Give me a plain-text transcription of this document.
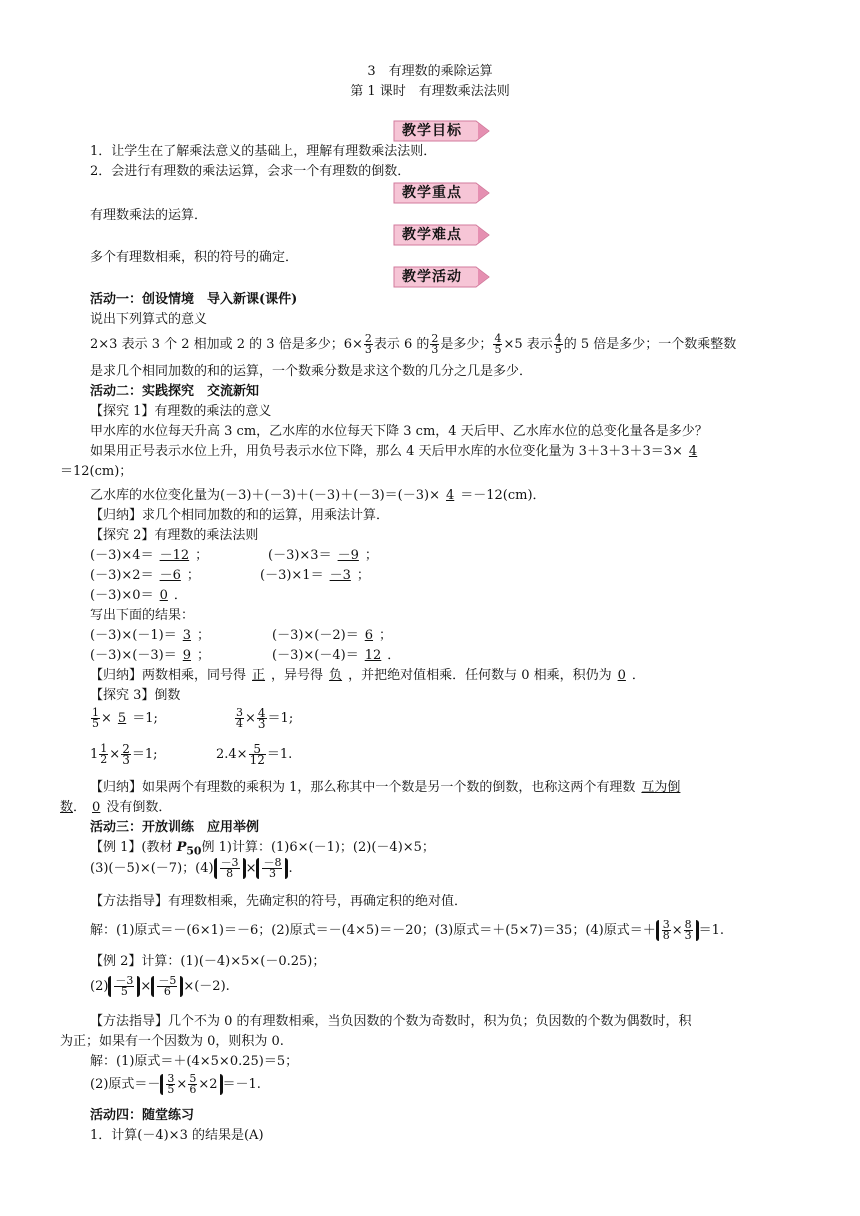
3　有理数的乘除运算
第 1 课时　有理数乘法法则
教学目标
1．让学生在了解乘法意义的基础上，理解有理数乘法法则．
2．会进行有理数的乘法运算，会求一个有理数的倒数．
教学重点
有理数乘法的运算．
教学难点
多个有理数相乘，积的符号的确定．
教学活动
活动一：创设情境　导入新课(课件)
说出下列算式的意义
2×3 表示 3 个 2 相加或 2 的 3 倍是多少；$6\times \frac{2}{3}$ 表示 6 的 $\frac{2}{3}$ 是多少； $\frac{4}{5} \times 5$ 表示 $\frac{4}{5}$ 的 5 倍是多少；一个数乘整数
是求几个相同加数的和的运算，一个数乘分数是求这个数的几分之几是多少．
活动二：实践探究　交流新知
【探究 1】有理数的乘法的意义
甲水库的水位每天升高 3 cm，乙水库的水位每天下降 3 cm，4 天后甲、乙水库水位的总变化量各是多少？
如果用正号表示水位上升，用负号表示水位下降，那么 4 天后甲水库的水位变化量为 3＋3＋3＋3＝3× 4
＝12(cm)；
乙水库的水位变化量为(－3)＋(－3)＋(－3)＋(－3)＝(－3)× 4 ＝－12(cm)．
【归纳】求几个相同加数的和的运算，用乘法计算．
【探究 2】有理数的乘法法则
(－3)×4＝ －12 ；	(－3)×3＝ －9 ；
(－3)×2＝ －6 ；	(－3)×1＝ －3 ；
(－3)×0＝ 0 ．
写出下面的结果：
(－3)×(－1)＝ 3 ；	(－3)×(－2)＝ 6 ；
(－3)×(－3)＝ 9 ；	(－3)×(－4)＝ 12 ．
【归纳】两数相乘，同号得 正 ，异号得 负 ，并把绝对值相乘．任何数与 0 相乘，积仍为 0 ．
【探究 3】倒数
$\frac{1}{5} \times 5 =1$;	$\frac{3}{4} \times \frac{4}{3} =1$;
$1 \frac{1}{2} \times \frac{2}{3} =1$;	$2.4\times \frac{5}{12} =1$.
【归纳】如果两个有理数的乘积为 1，那么称其中一个数是另一个数的倒数，也称这两个有理数 互为倒
数． 0 没有倒数．
活动三：开放训练　应用举例
【例 1】(教材 $P_{50}$例 1)计算：(1)6×(－1)；(2)(－4)×5；
(3)(－5)×(－7)；$(4) \frac{-3}{8} \times \frac{-8}{3}$ .
【方法指导】有理数相乘，先确定积的符号，再确定积的绝对值．
解：(1)原式＝－(6×1)＝－6；(2)原式＝－(4×5)＝－20；(3)原式＝＋(5×7)＝35；(4)原式＝＋ $\frac{3}{8} \times \frac{8}{3} =1$.
【例 2】计算：(1)(－4)×5×(－0.25)；
$(2) \frac{-3}{5} \times \frac{-5}{6} \times(-2)$.
【方法指导】几个不为 0 的有理数相乘，当负因数的个数为奇数时，积为负；负因数的个数为偶数时，积
为正；如果有一个因数为 0，则积为 0.
解：(1)原式＝＋(4×5×0.25)＝5；
(2)原式＝－ $\frac{3}{5} \times \frac{5}{6} \times 2 =-1$.
活动四：随堂练习
1．计算(－4)×3 的结果是(A)
